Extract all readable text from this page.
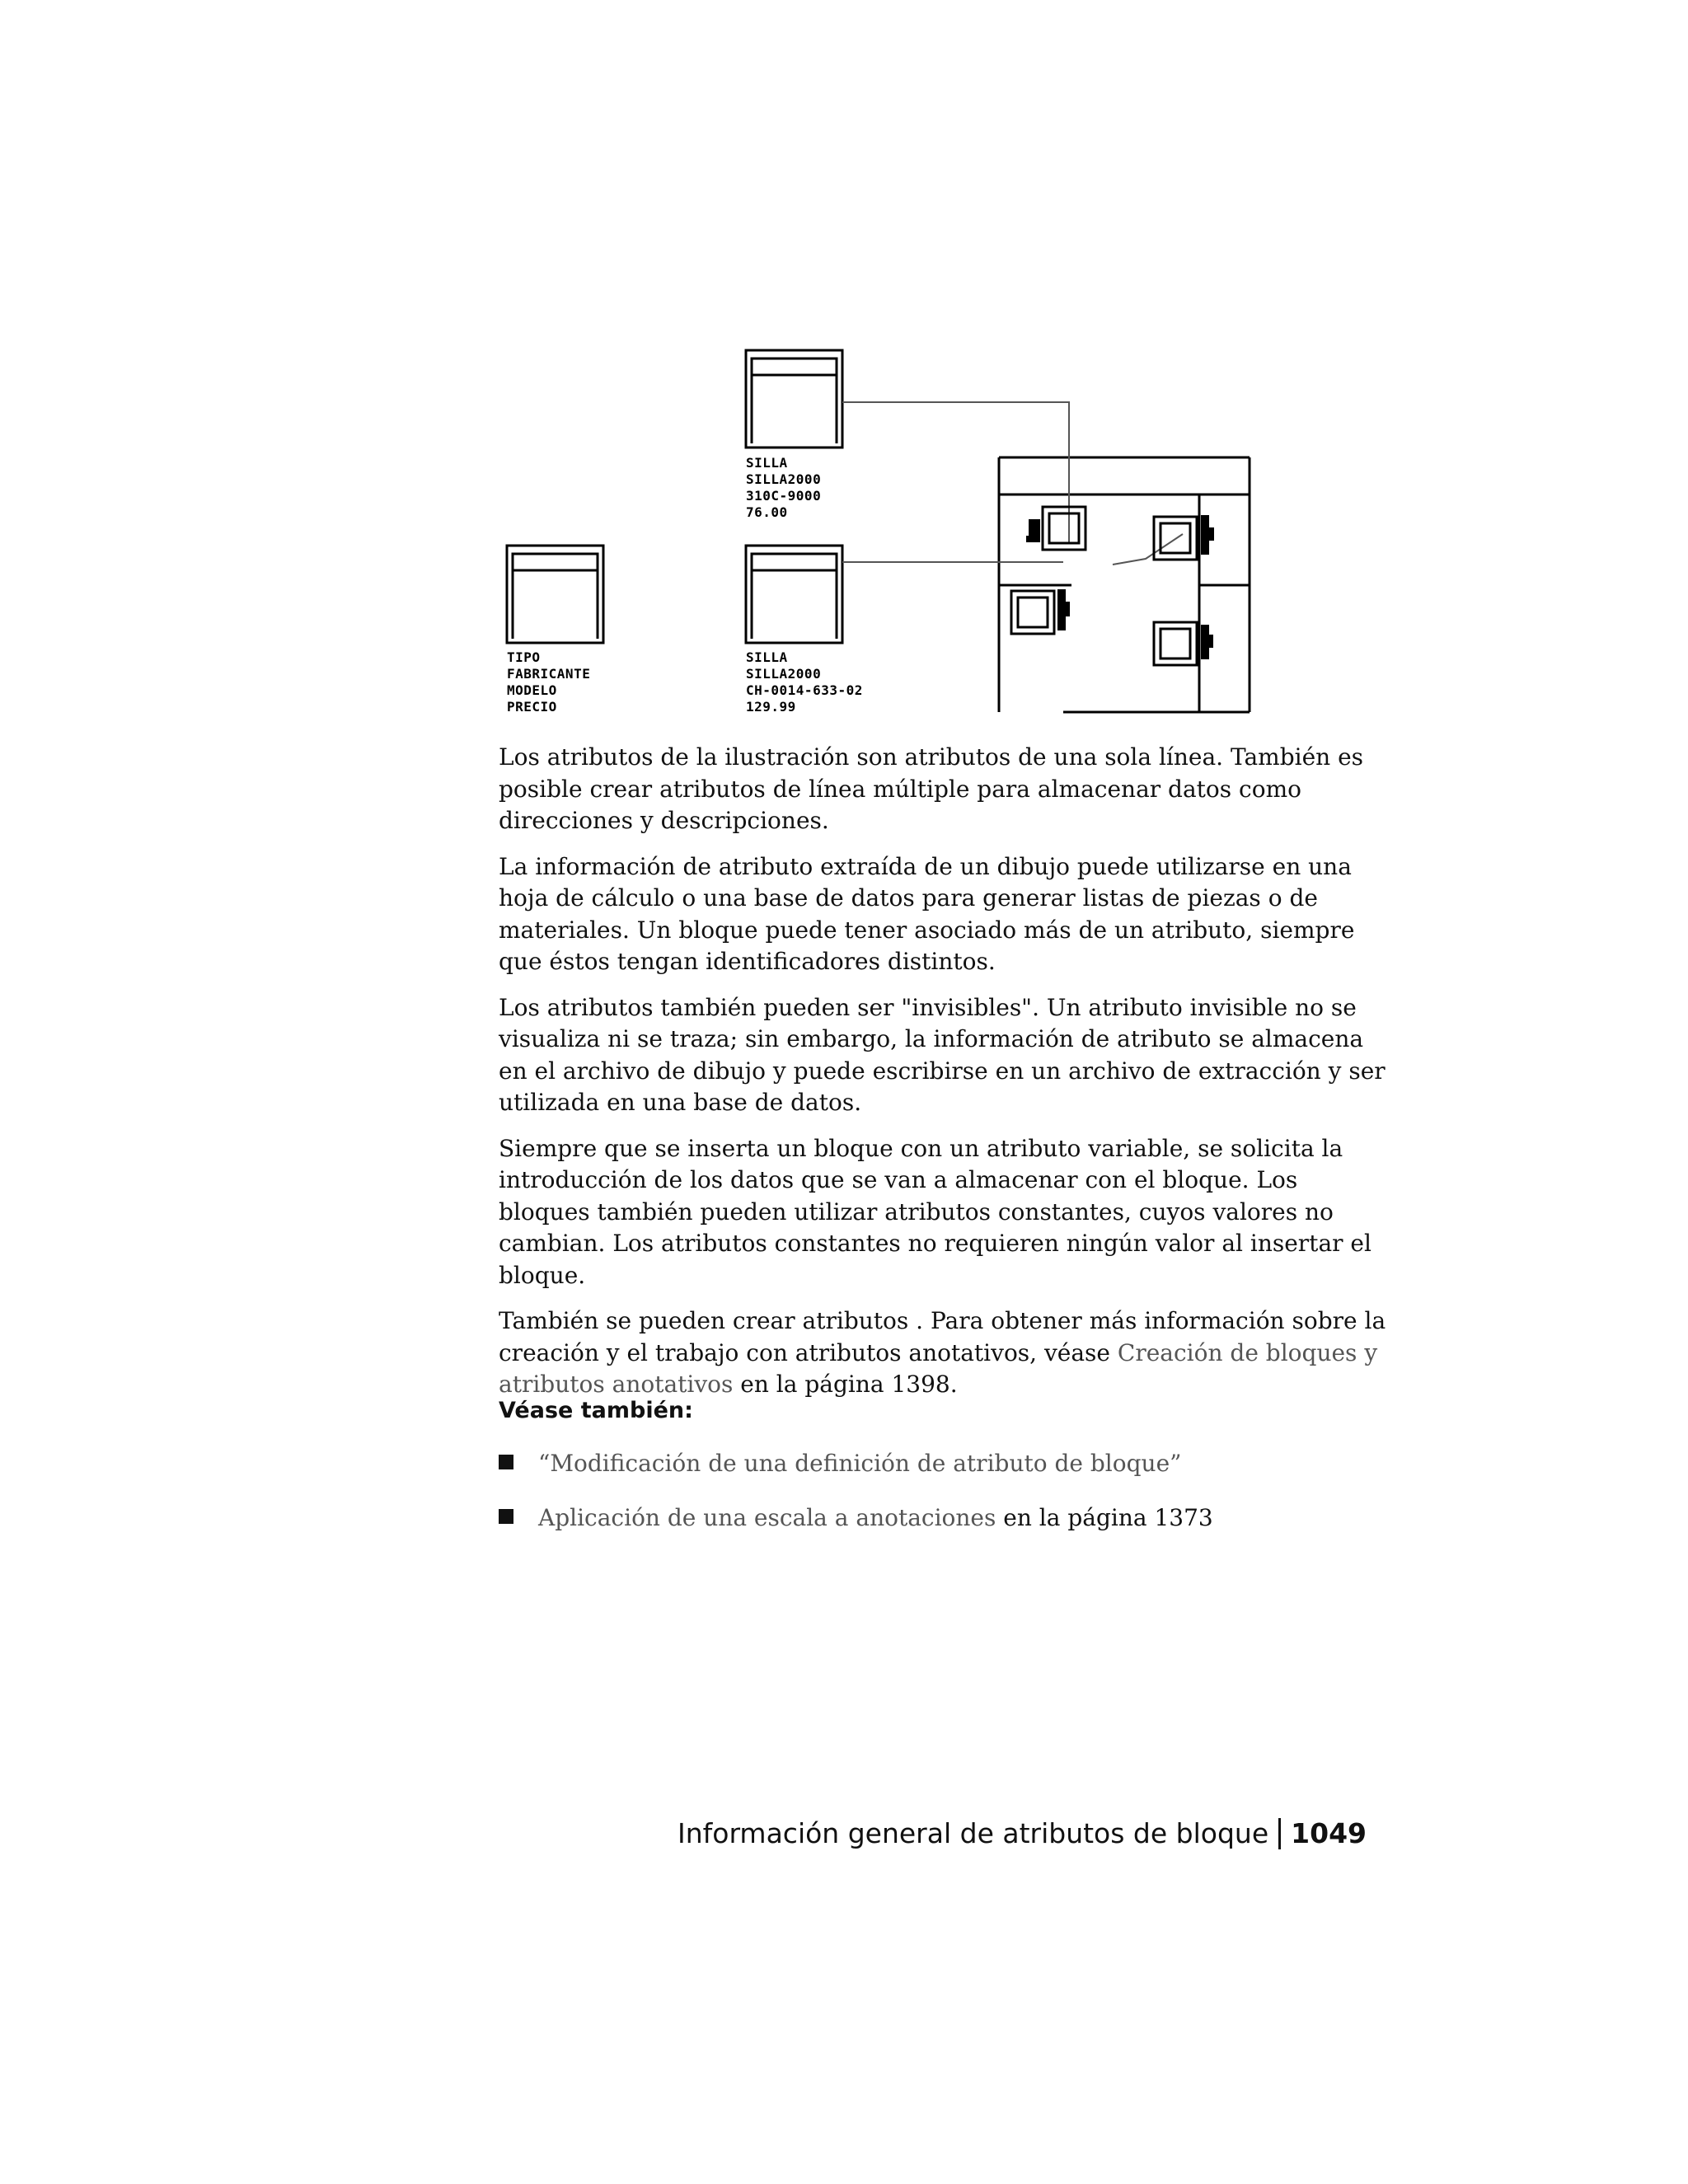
TIPO
FABRICANTE
MODELO
PRECIO
SILLA
SILLA2000
310C-9000
76.00
SILLA
SILLA2000
CH-0014-633-02
129.99

Los atributos de la ilustración son atributos de una sola línea. También es posible crear atributos de línea múltiple para almacenar datos como direcciones y descripciones.

La información de atributo extraída de un dibujo puede utilizarse en una hoja de cálculo o una base de datos para generar listas de piezas o de materiales. Un bloque puede tener asociado más de un atributo, siempre que éstos tengan identificadores distintos.

Los atributos también pueden ser "invisibles". Un atributo invisible no se visualiza ni se traza; sin embargo, la información de atributo se almacena en el archivo de dibujo y puede escribirse en un archivo de extracción y ser utilizada en una base de datos.

Siempre que se inserta un bloque con un atributo variable, se solicita la introducción de los datos que se van a almacenar con el bloque. Los bloques también pueden utilizar atributos constantes, cuyos valores no cambian. Los atributos constantes no requieren ningún valor al insertar el bloque.

También se pueden crear atributos . Para obtener más información sobre la creación y el trabajo con atributos anotativos, véase Creación de bloques y atributos anotativos en la página 1398.

Véase también:
“Modificación de una definición de atributo de bloque”
Aplicación de una escala a anotaciones en la página 1373
Información general de atributos de bloque 1049
